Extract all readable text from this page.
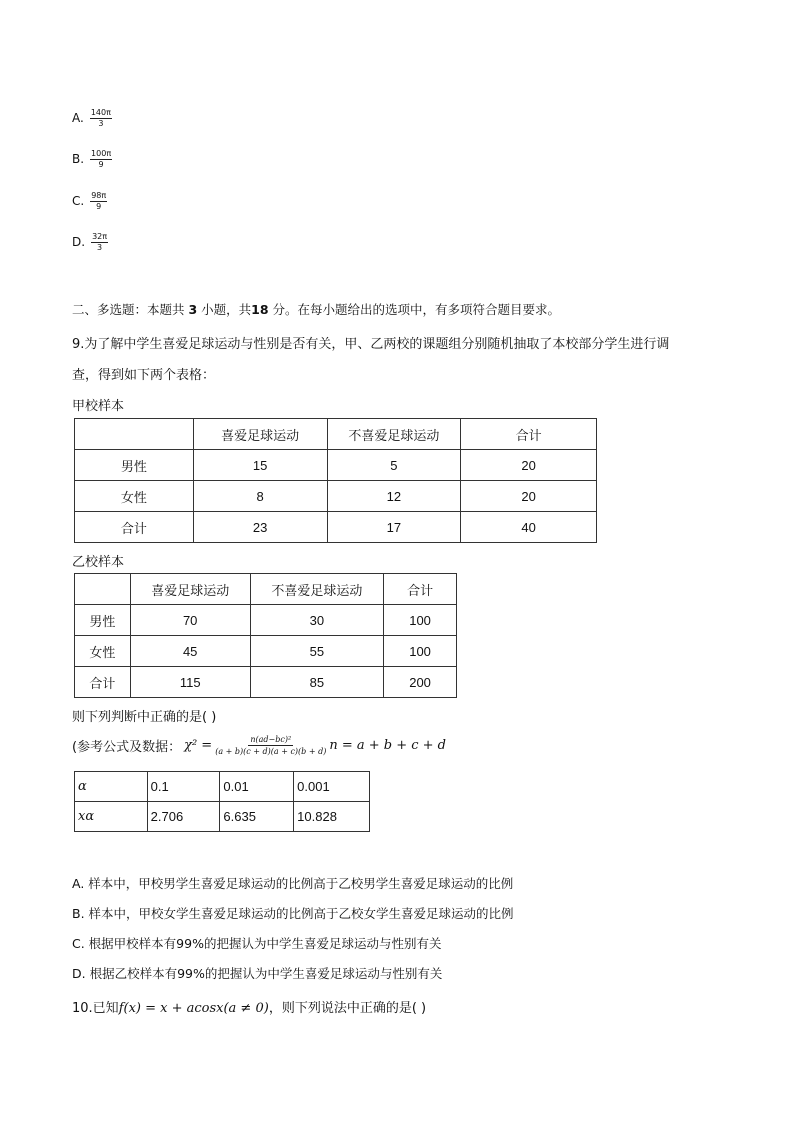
A. $\frac{140\pi}{3}$
B. $\frac{100\pi}{9}$
C. $\frac{98\pi}{9}$
D. $\frac{32\pi}{3}$
二、多选题：本题共 3 小题，共18 分。在每小题给出的选项中，有多项符合题目要求。
9.为了解中学生喜爱足球运动与性别是否有关，甲、乙两校的课题组分别随机抽取了本校部分学生进行调
查，得到如下两个表格：
甲校样本
	喜爱足球运动	不喜爱足球运动	合计
男性	15	5	20
女性	8	12	20
合计	23	17	40
乙校样本
	喜爱足球运动	不喜爱足球运动	合计
男性	70	30	100
女性	45	55	100
合计	115	85	200
则下列判断中正确的是( )
(参考公式及数据： $\chi^2 = \frac{\text{n(ad−bc)²}}{(a + b)(c + d)(a + c)(b + d)}$ n = a + b + c + d
α	0.1	0.01	0.001
xα	2.706	6.635	10.828
A. 样本中，甲校男学生喜爱足球运动的比例高于乙校男学生喜爱足球运动的比例
B. 样本中，甲校女学生喜爱足球运动的比例高于乙校女学生喜爱足球运动的比例
C. 根据甲校样本有99%的把握认为中学生喜爱足球运动与性别有关
D. 根据乙校样本有99%的把握认为中学生喜爱足球运动与性别有关
10.已知f(x) = x + acosx(a ≠ 0)，则下列说法中正确的是( )
